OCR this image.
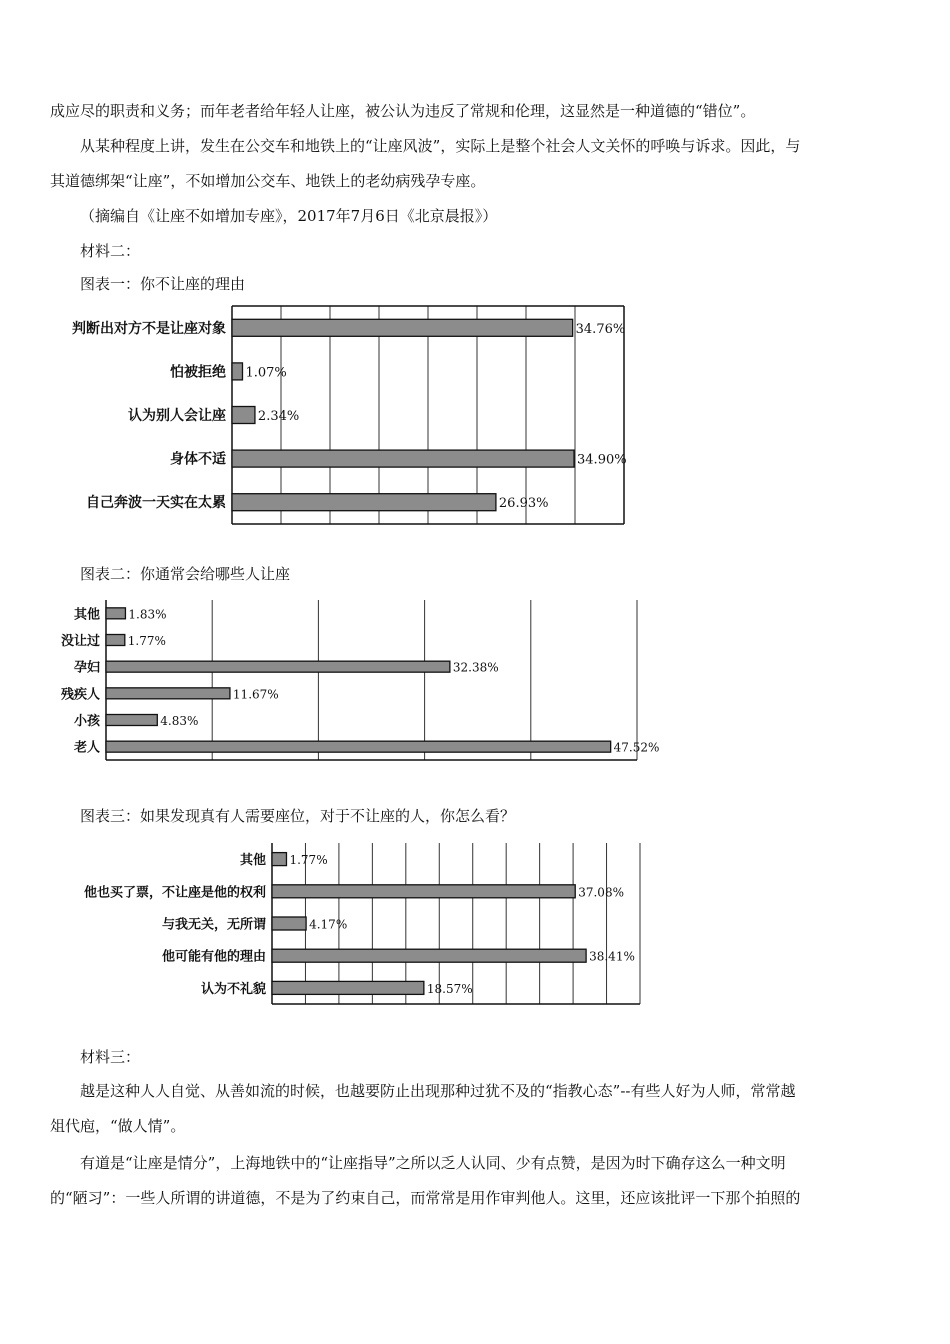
成应尽的职责和义务；而年老者给年轻人让座，被公认为违反了常规和伦理，这显然是一种道德的“错位”。
从某种程度上讲，发生在公交车和地铁上的“让座风波”，实际上是整个社会人文关怀的呼唤与诉求。因此，与
其道德绑架“让座”，不如增加公交车、地铁上的老幼病残孕专座。
（摘编自《让座不如增加专座》，2017年7月6日《北京晨报》）
材料二：
图表一：你不让座的理由
判断出对方不是让座对象	34.76%
怕被拒绝 1.07%
认为别人会让座 2.34%
身体不适	34.90%
自己奔波一天实在太累	26.93%
图表二：你通常会给哪些人让座
其他 1.83%
没让过 1.77%
孕妇	32.38%
残疾人	11.67%
小孩	4.83%
老人	47.52%
图表三：如果发现真有人需要座位，对于不让座的人，你怎么看？
其他 1.77%
他也买了票，不让座是他的权利	37.08%
与我无关，无所谓	4.17%
他可能有他的理由	38.41%
认为不礼貌	18.57%
材料三：
越是这种人人自觉、从善如流的时候，也越要防止出现那种过犹不及的“指教心态”--有些人好为人师，常常越
俎代庖，“做人情”。
有道是“让座是情分”，上海地铁中的“让座指导”之所以乏人认同、少有点赞，是因为时下确存这么一种文明
的“陋习”：一些人所谓的讲道德，不是为了约束自己，而常常是用作审判他人。这里，还应该批评一下那个拍照的
